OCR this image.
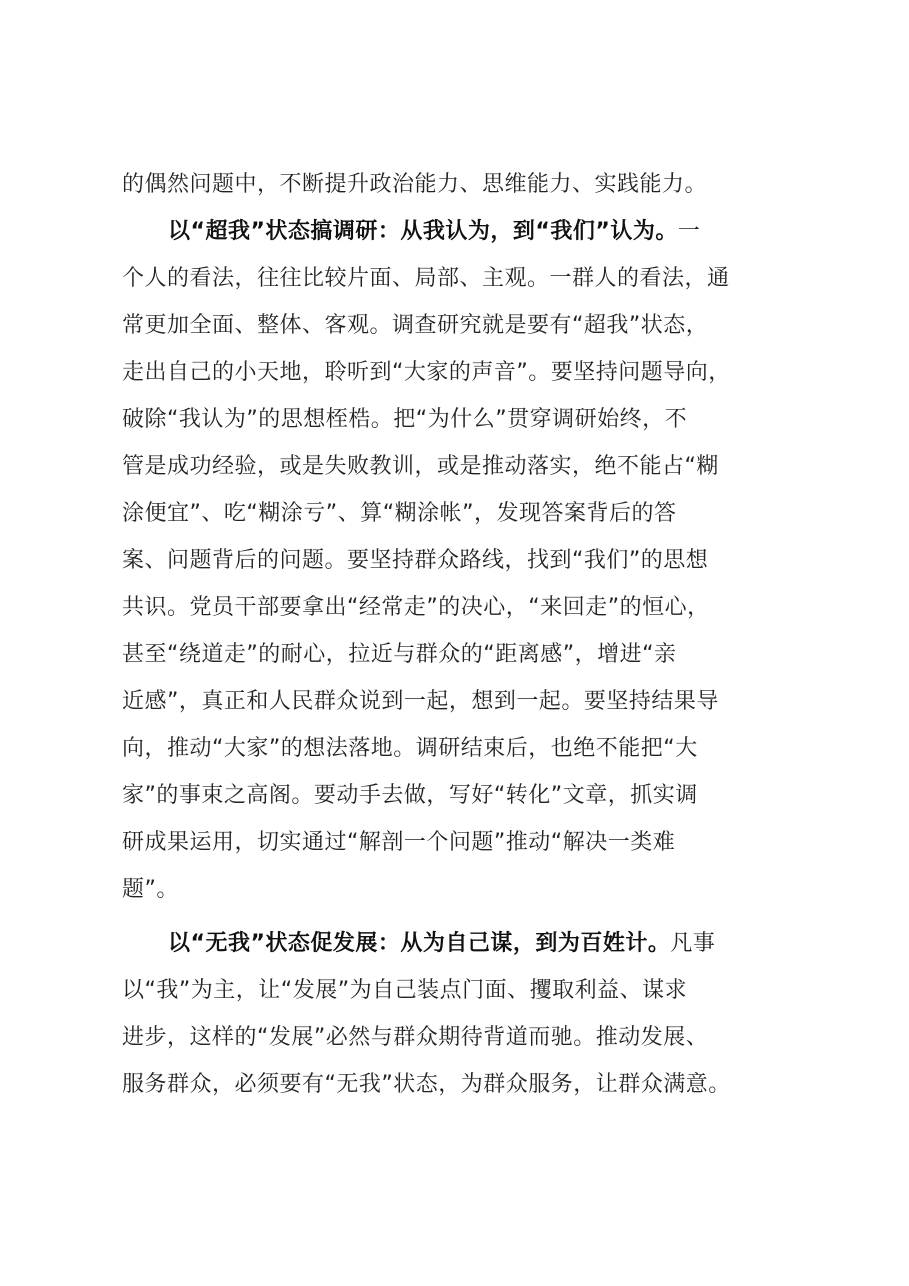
的偶然问题中，不断提升政治能力、思维能力、实践能力。
以“超我”状态搞调研：从我认为，到“我们”认为。一
个人的看法，往往比较片面、局部、主观。一群人的看法，通
常更加全面、整体、客观。调查研究就是要有“超我”状态，
走出自己的小天地，聆听到“大家的声音”。要坚持问题导向，
破除“我认为”的思想桎梏。把“为什么”贯穿调研始终，不
管是成功经验，或是失败教训，或是推动落实，绝不能占“糊
涂便宜”、吃“糊涂亏”、算“糊涂帐”，发现答案背后的答
案、问题背后的问题。要坚持群众路线，找到“我们”的思想
共识。党员干部要拿出“经常走”的决心，“来回走”的恒心，
甚至“绕道走”的耐心，拉近与群众的“距离感”，增进“亲
近感”，真正和人民群众说到一起，想到一起。要坚持结果导
向，推动“大家”的想法落地。调研结束后，也绝不能把“大
家”的事束之高阁。要动手去做，写好“转化”文章，抓实调
研成果运用，切实通过“解剖一个问题”推动“解决一类难
题”。
以“无我”状态促发展：从为自己谋，到为百姓计。凡事
以“我”为主，让“发展”为自己装点门面、攫取利益、谋求
进步，这样的“发展”必然与群众期待背道而驰。推动发展、
服务群众，必须要有“无我”状态，为群众服务，让群众满意。
